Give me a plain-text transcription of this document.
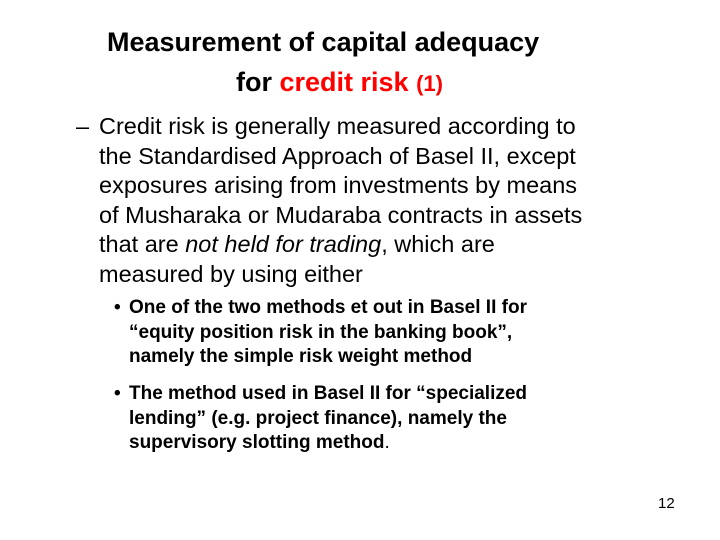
Measurement of capital adequacy
for credit risk (1)
– Credit risk is generally measured according to
the Standardised Approach of Basel II, except
exposures arising from investments by means
of Musharaka or Mudaraba contracts in assets
that are not held for trading, which are
measured by using either
• One of the two methods et out in Basel II for
“equity position risk in the banking book”,
namely the simple risk weight method
• The method used in Basel II for “specialized
lending” (e.g. project finance), namely the
supervisory slotting method.
12
